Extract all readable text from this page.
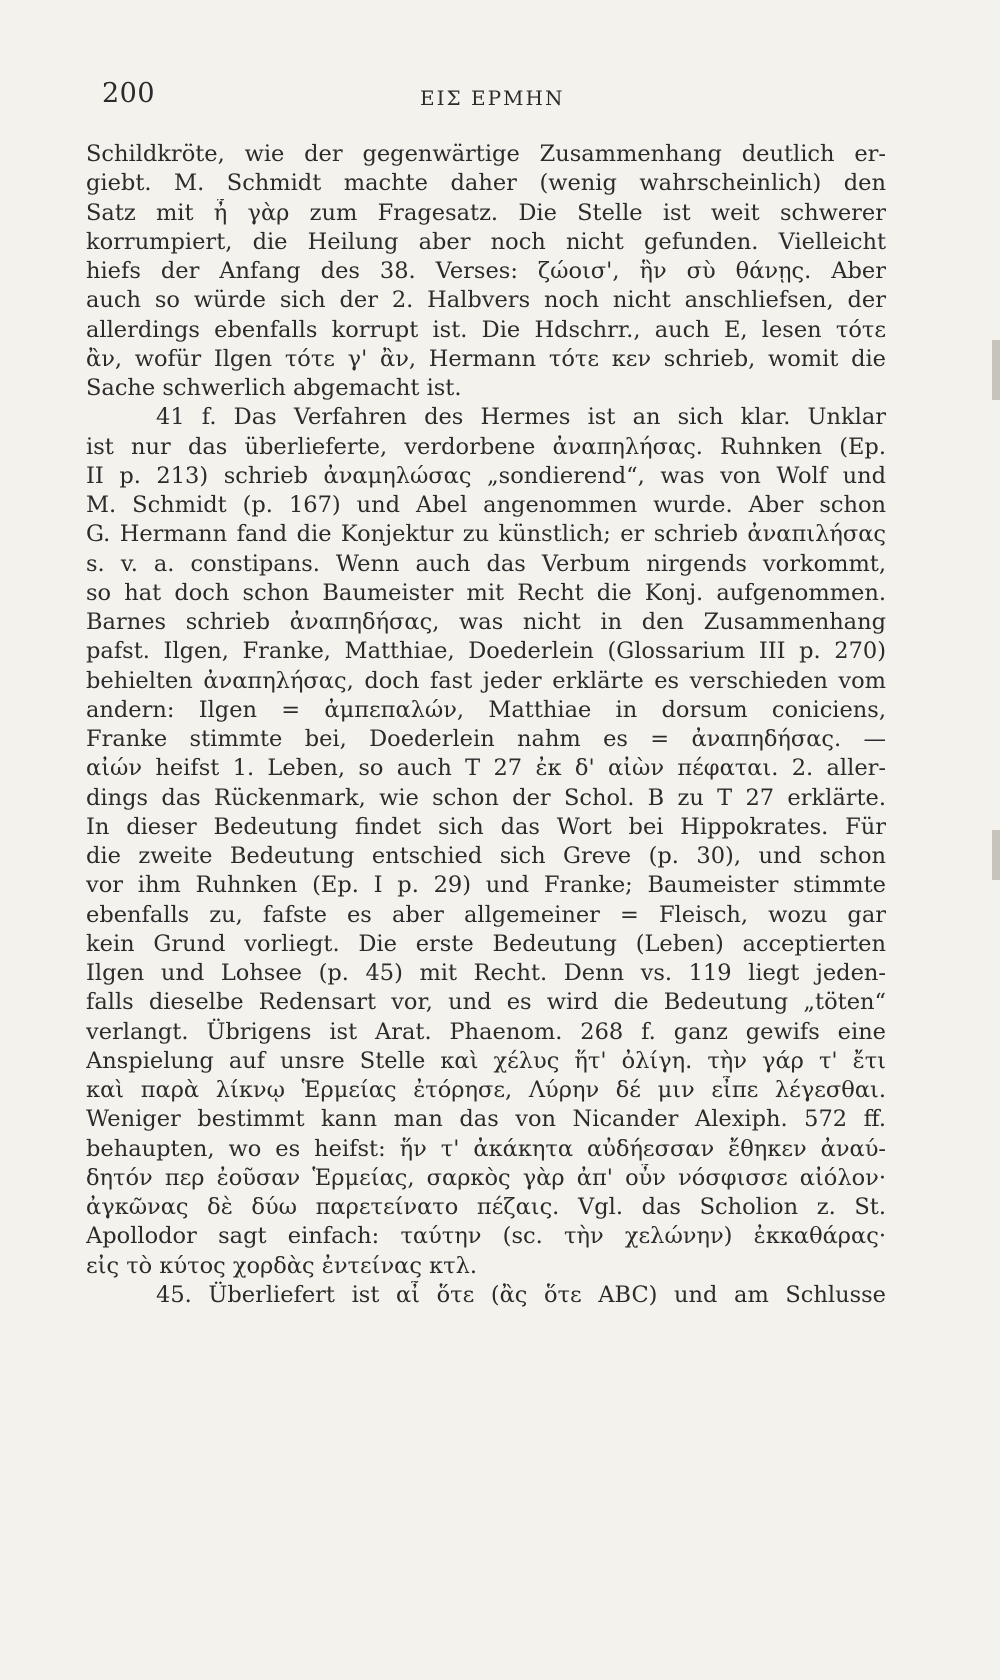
200	ΕΙΣ ΕΡΜΗΝ
Schildkröte, wie der gegenwärtige Zusammenhang deutlich er-
giebt. M. Schmidt machte daher (wenig wahrscheinlich) den
Satz mit ἦ γὰρ zum Fragesatz. Die Stelle ist weit schwerer
korrumpiert, die Heilung aber noch nicht gefunden. Vielleicht
hiefs der Anfang des 38. Verses: ζώοισ', ἣν σὺ θάνῃς. Aber
auch so würde sich der 2. Halbvers noch nicht anschliefsen, der
allerdings ebenfalls korrupt ist. Die Hdschrr., auch E, lesen τότε
ἂν, wofür Ilgen τότε γ' ἂν, Hermann τότε κεν schrieb, womit die
Sache schwerlich abgemacht ist.
41 f. Das Verfahren des Hermes ist an sich klar. Unklar
ist nur das überlieferte, verdorbene ἀναπηλήσας. Ruhnken (Ep.
II p. 213) schrieb ἀναμηλώσας „sondierend“, was von Wolf und
M. Schmidt (p. 167) und Abel angenommen wurde. Aber schon
G. Hermann fand die Konjektur zu künstlich; er schrieb ἀναπιλήσας
s. v. a. constipans. Wenn auch das Verbum nirgends vorkommt,
so hat doch schon Baumeister mit Recht die Konj. aufgenommen.
Barnes schrieb ἀναπηδήσας, was nicht in den Zusammenhang
pafst. Ilgen, Franke, Matthiae, Doederlein (Glossarium III p. 270)
behielten ἀναπηλήσας, doch fast jeder erklärte es verschieden vom
andern: Ilgen = ἀμπεπαλών, Matthiae in dorsum coniciens,
Franke stimmte bei, Doederlein nahm es = ἀναπηδήσας. —
αἰών heifst 1. Leben, so auch T 27 ἐκ δ' αἰὼν πέφαται. 2. aller-
dings das Rückenmark, wie schon der Schol. B zu T 27 erklärte.
In dieser Bedeutung findet sich das Wort bei Hippokrates. Für
die zweite Bedeutung entschied sich Greve (p. 30), und schon
vor ihm Ruhnken (Ep. I p. 29) und Franke; Baumeister stimmte
ebenfalls zu, fafste es aber allgemeiner = Fleisch, wozu gar
kein Grund vorliegt. Die erste Bedeutung (Leben) acceptierten
Ilgen und Lohsee (p. 45) mit Recht. Denn vs. 119 liegt jeden-
falls dieselbe Redensart vor, und es wird die Bedeutung „töten“
verlangt. Übrigens ist Arat. Phaenom. 268 f. ganz gewifs eine
Anspielung auf unsre Stelle καὶ χέλυς ἥτ' ὀλίγη. τὴν γάρ τ' ἔτι
καὶ παρὰ λίκνῳ Ἑρμείας ἐτόρησε, Λύρην δέ μιν εἶπε λέγεσθαι.
Weniger bestimmt kann man das von Nicander Alexiph. 572 ff.
behaupten, wo es heifst: ἥν τ' ἀκάκητα αὐδήεσσαν ἔθηκεν ἀναύ-
δητόν περ ἐοῦσαν Ἑρμείας, σαρκὸς γὰρ ἀπ' οὖν νόσφισσε αἰόλον·
ἀγκῶνας δὲ δύω παρετείνατο πέζαις. Vgl. das Scholion z. St.
Apollodor sagt einfach: ταύτην (sc. τὴν χελώνην) ἐκκαθάρας·
εἰς τὸ κύτος χορδὰς ἐντείνας κτλ.
45. Überliefert ist αἶ ὅτε (ἂς ὅτε ABC) und am Schlusse
